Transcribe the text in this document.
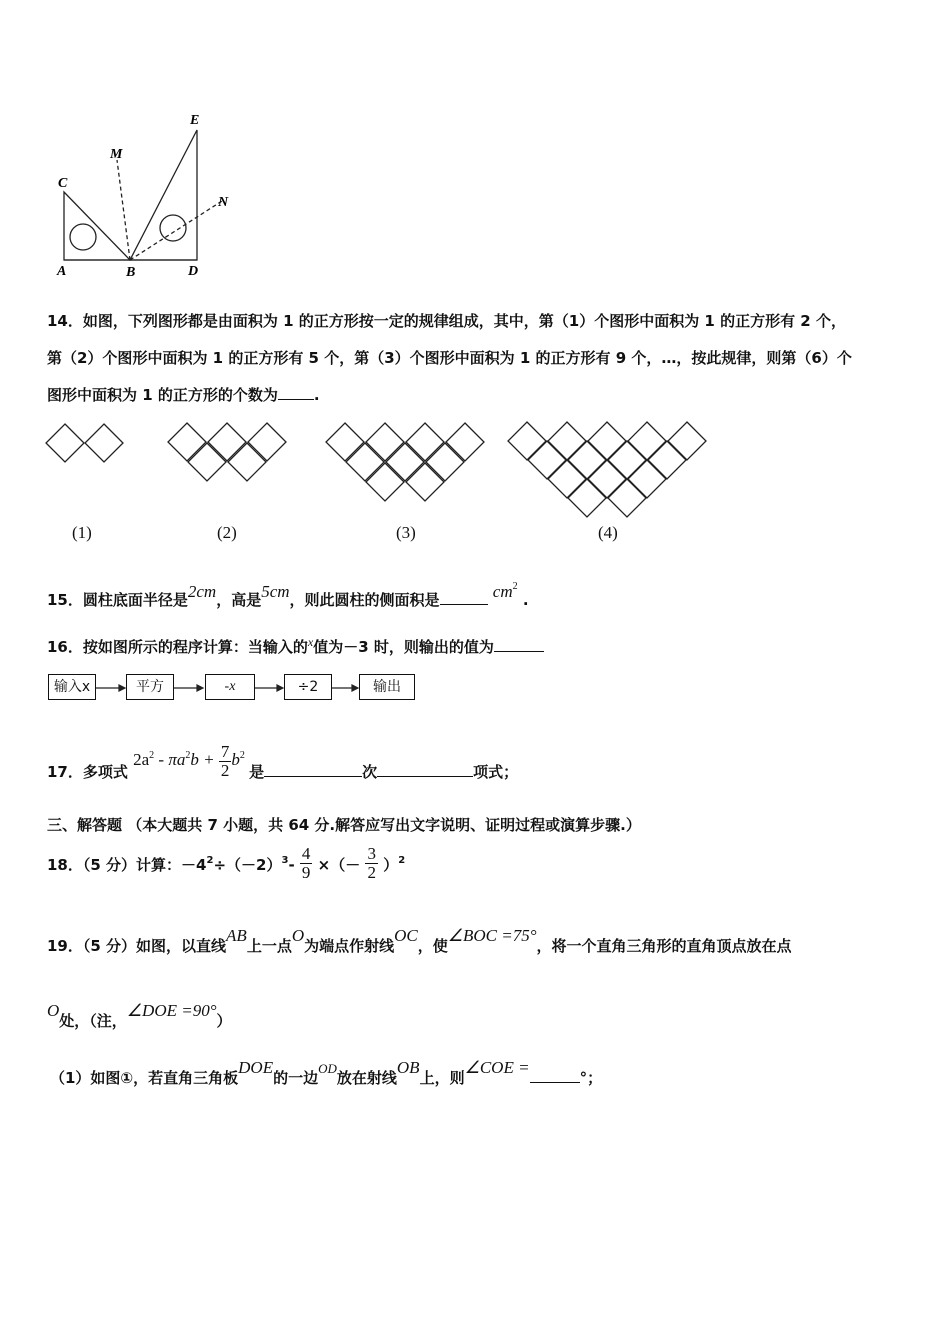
E
M
C
N
A	B	D
14．如图，下列图形都是由面积为 1 的正方形按一定的规律组成，其中，第（1）个图形中面积为 1 的正方形有 2 个，
第（2）个图形中面积为 1 的正方形有 5 个，第（3）个图形中面积为 1 的正方形有 9 个，…，按此规律，则第（6）个
图形中面积为 1 的正方形的个数为 .
(1)	(2)	(3)	(4)
15．圆柱底面半径是2cm，高是5cm，则此圆柱的侧面积是	$cm^2$ .
16．按如图所示的程序计算：当输入的$^x$值为－3 时，则输出的值为
输入x	平方	-x	÷2	输出
17．多项式 $2a^2 - \pi a^2b + \frac{7}{2} b^2$ 是	次	项式；
三、解答题 （本大题共 7 小题，共 64 分.解答应写出文字说明、证明过程或演算步骤.）
18．（5 分）计算：$-4^2\div(-2)^3- \frac{4}{9}$ ×（－ $\frac{3}{2} )^2$
19．（5 分）如图，以直线AB上一点O为端点作射线OC，使∠BOC =75°，将一个直角三角形的直角顶点放在点
O处，（注，∠DOE =90°）
（1）如图①，若直角三角板DOE的一边OD放在射线OB上，则∠COE =°；
